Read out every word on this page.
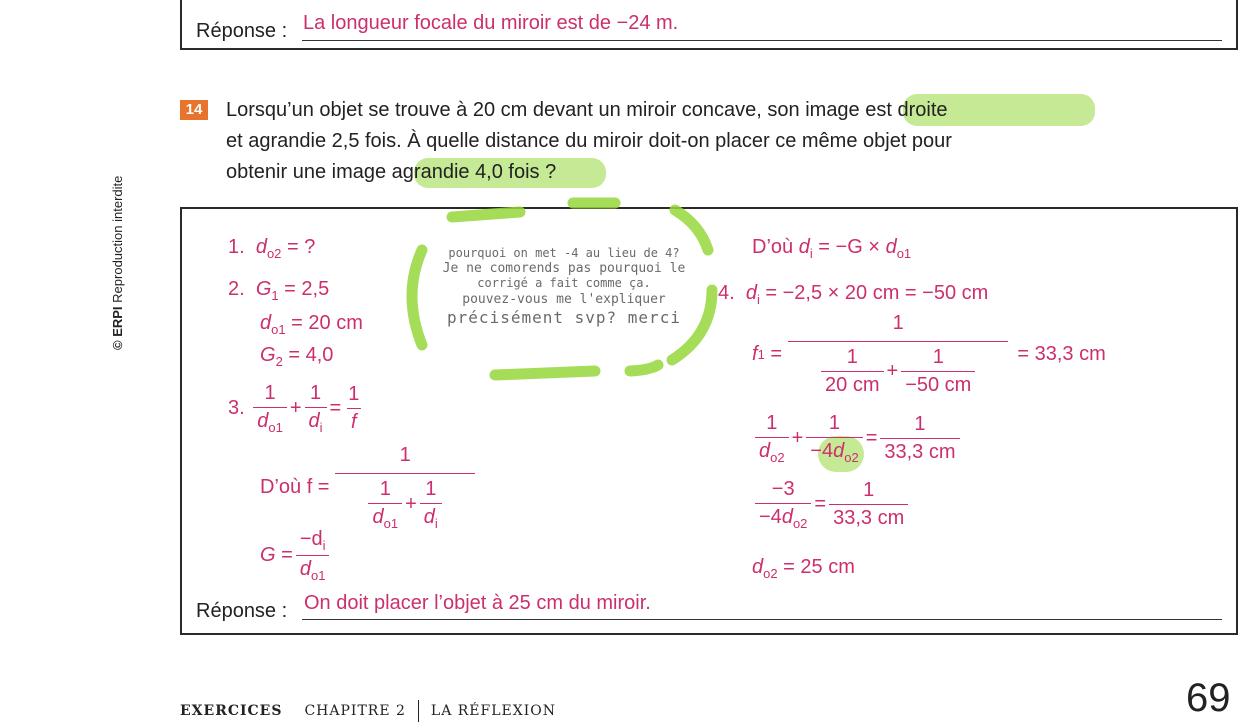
Réponse : La longueur focale du miroir est de −24 m.
© ERPI Reproduction interdite
14 Lorsqu’un objet se trouve à 20 cm devant un miroir concave, son image est droite
et agrandie 2,5 fois. À quelle distance du miroir doit-on placer ce même objet pour
obtenir une image agrandie 4,0 fois ?
pourquoi on met -4 au lieu de 4?
Je ne comorends pas pourquoi le
corrigé a fait comme ça.
pouvez-vous me l'expliquer
précisément svp? merci
1. $d_{o2}$ = ?
2. $G_1 = 2,5$
$d_{o1} = 20$ cm
$G_2 = 4,0$
3.
$\frac{1}{d_{o1}} + \frac{1}{d_i} = \frac{1}{f}$
D’où $f = \frac{1}{\frac{1}{d_{o1}} + \frac{1}{d_i}}$
$G = \frac{-d_i}{d_{o1}}$
D’où $d_i = -G \times d_{o1}$
4. $d_i = -2,5 \times 20$ cm = −50 cm
f $1 = \frac{1}{\frac{1}{20 cm} + \frac{1}{-50 cm}} = 33,3$ cm
$\frac{1}{d_{o2}} + \frac{1}{-4d_{o2}} = \frac{1}{33,3 cm}$
$\frac{-3}{-4d_{o2}} = \frac{1}{33,3 cm}$
$d_{o2} = 25$ cm
Réponse : On doit placer l’objet à 25 cm du miroir.
EXERCICES CHAPITRE 2 LA RÉFLEXION	69
